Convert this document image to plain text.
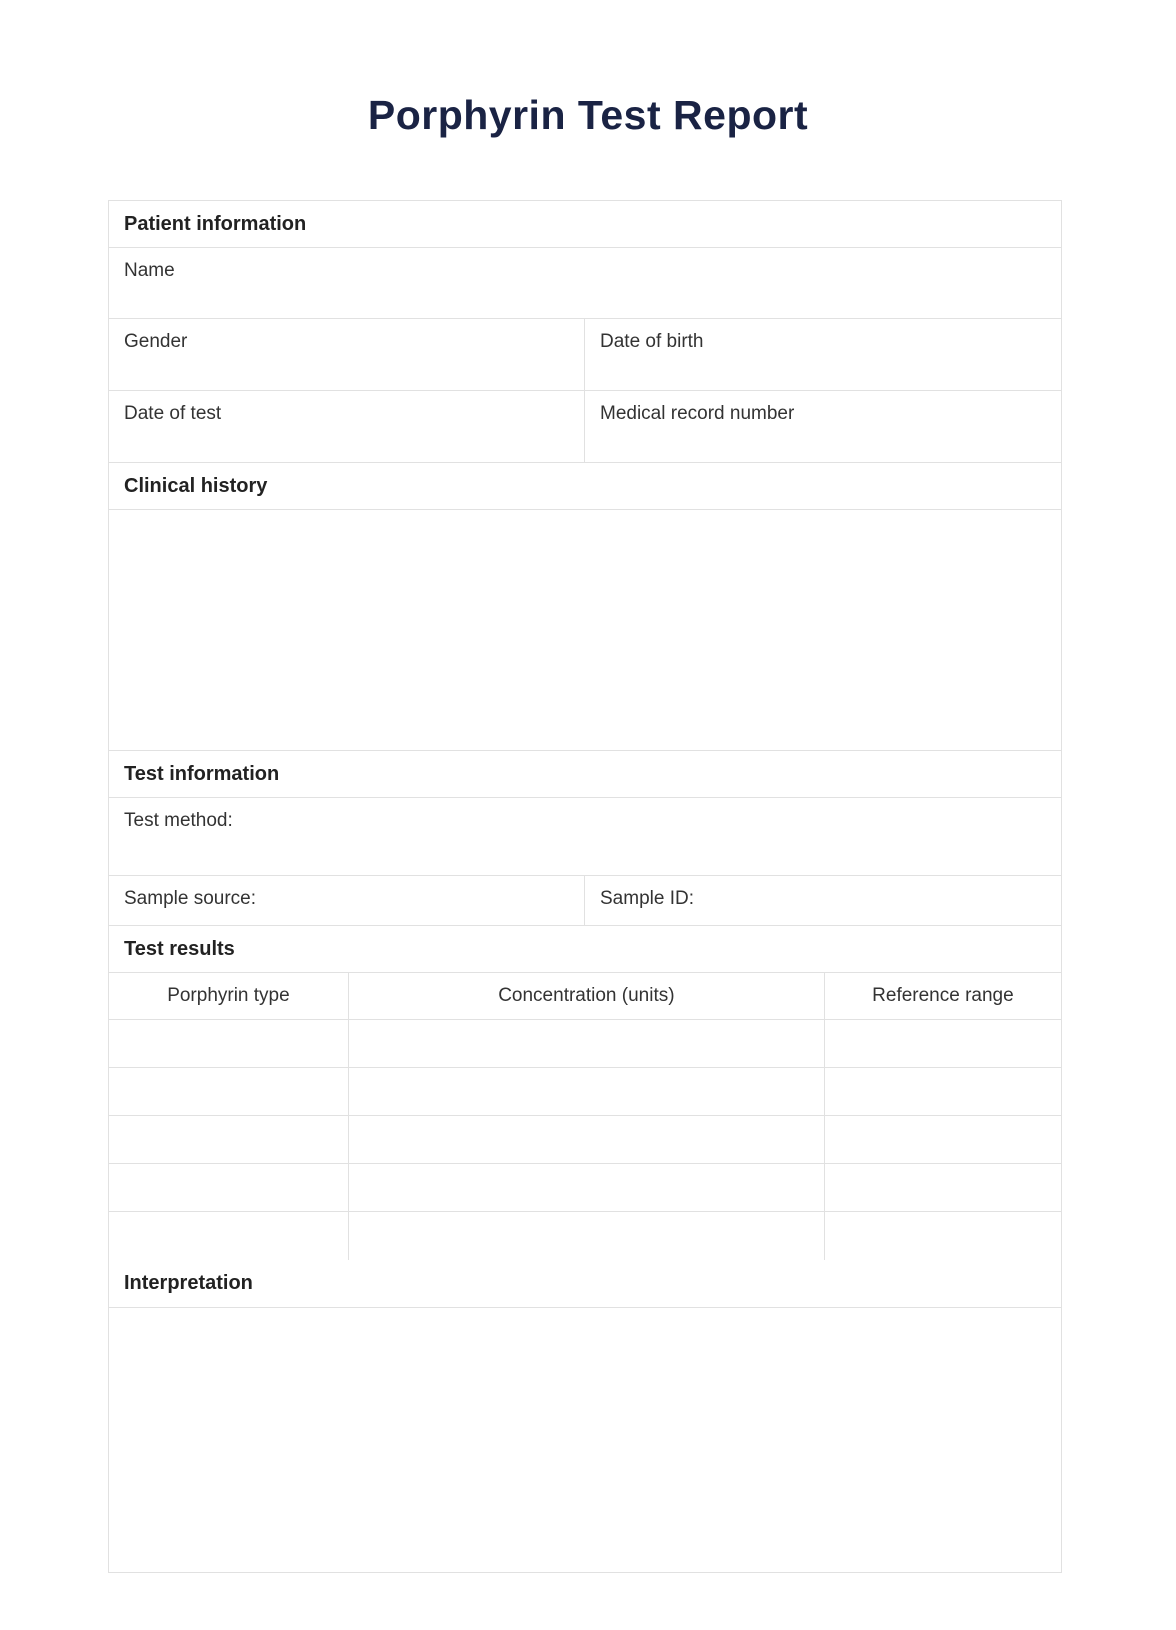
Porphyrin Test Report
Patient information
Name
Gender	Date of birth
Date of test	Medical record number
Clinical history
Test information
Test method:
Sample source:	Sample ID:
Test results
Porphyrin type	Concentration (units)	Reference range
Interpretation
